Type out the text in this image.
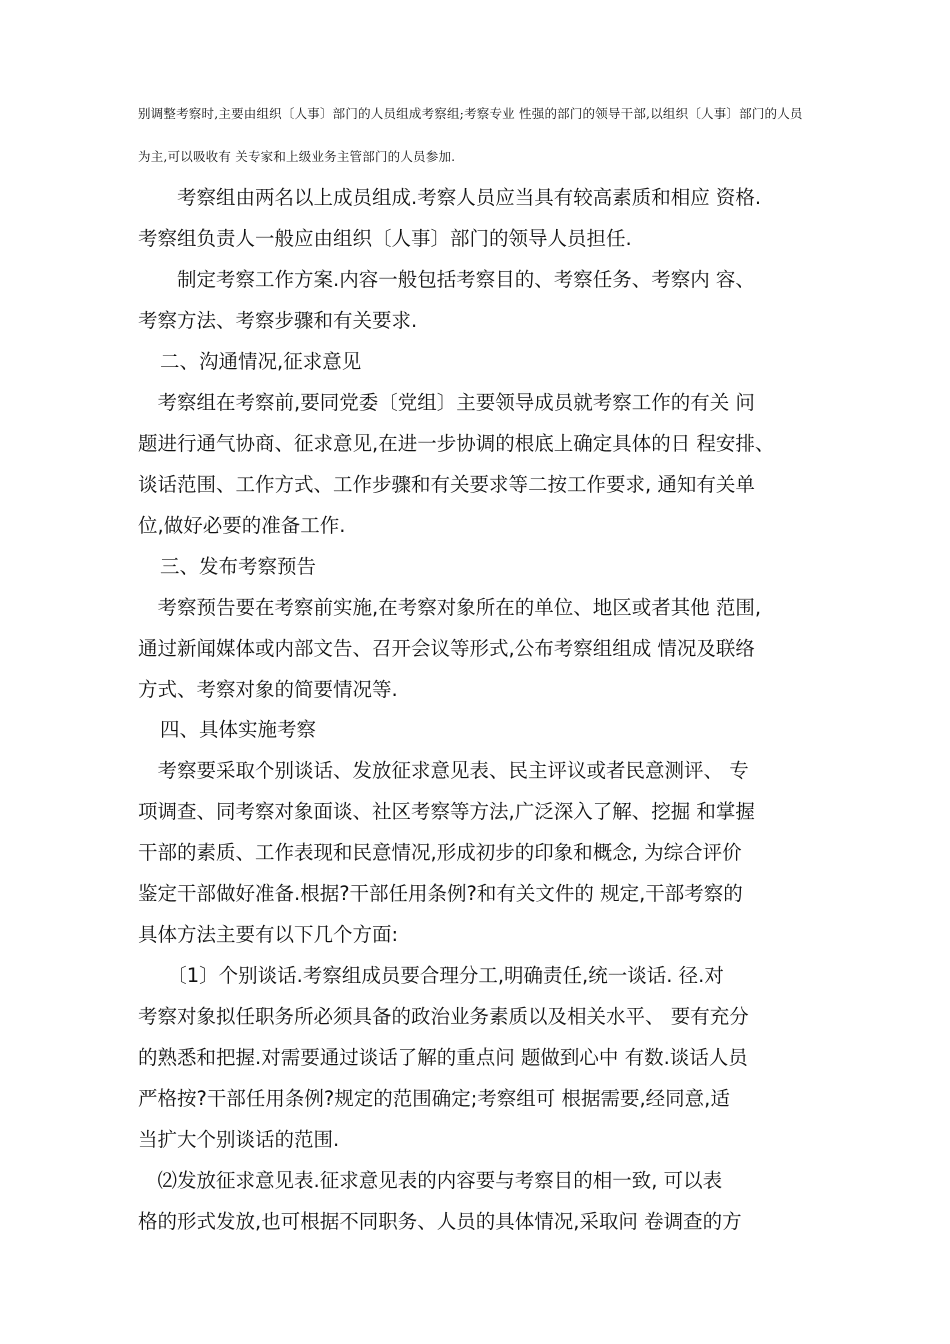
别调整考察时,主要由组织〔人事〕部门的人员组成考察组;考察专业 性强的部门的领导干部,以组织〔人事〕部门的人员
为主,可以吸收有 关专家和上级业务主管部门的人员参加.
　　考察组由两名以上成员组成.考察人员应当具有较高素质和相应 资格.
考察组负责人一般应由组织〔人事〕部门的领导人员担任.
　　制定考察工作方案.内容一般包括考察目的、考察任务、考察内 容、
考察方法、考察步骤和有关要求.
二、沟通情况,征求意见
　考察组在考察前,要同党委〔党组〕主要领导成员就考察工作的有关 问
题进行通气协商、征求意见,在进一步协调的根底上确定具体的日 程安排、
谈话范围、工作方式、工作步骤和有关要求等二按工作要求, 通知有关单
位,做好必要的准备工作.
三、发布考察预告
　考察预告要在考察前实施,在考察对象所在的单位、地区或者其他 范围,
通过新闻媒体或内部文告、召开会议等形式,公布考察组组成 情况及联络
方式、考察对象的简要情况等.
四、具体实施考察
　考察要采取个别谈话、发放征求意见表、民主评议或者民意测评、 专
项调查、同考察对象面谈、社区考察等方法,广泛深入了解、挖掘 和掌握
干部的素质、工作表现和民意情况,形成初步的印象和概念, 为综合评价
鉴定干部做好准备.根据?干部任用条例?和有关文件的 规定,干部考察的
具体方法主要有以下几个方面:
　　〔1〕个别谈话.考察组成员要合理分工,明确责任,统一谈话. 径.对
考察对象拟任职务所必须具备的政治业务素质以及相关水平、 要有充分
的熟悉和把握.对需要通过谈话了解的重点问 题做到心中 有数.谈话人员
严格按?干部任用条例?规定的范围确定;考察组可 根据需要,经同意,适
当扩大个别谈话的范围.
　⑵发放征求意见表.征求意见表的内容要与考察目的相一致, 可以表
格的形式发放,也可根据不同职务、人员的具体情况,采取问 卷调查的方
